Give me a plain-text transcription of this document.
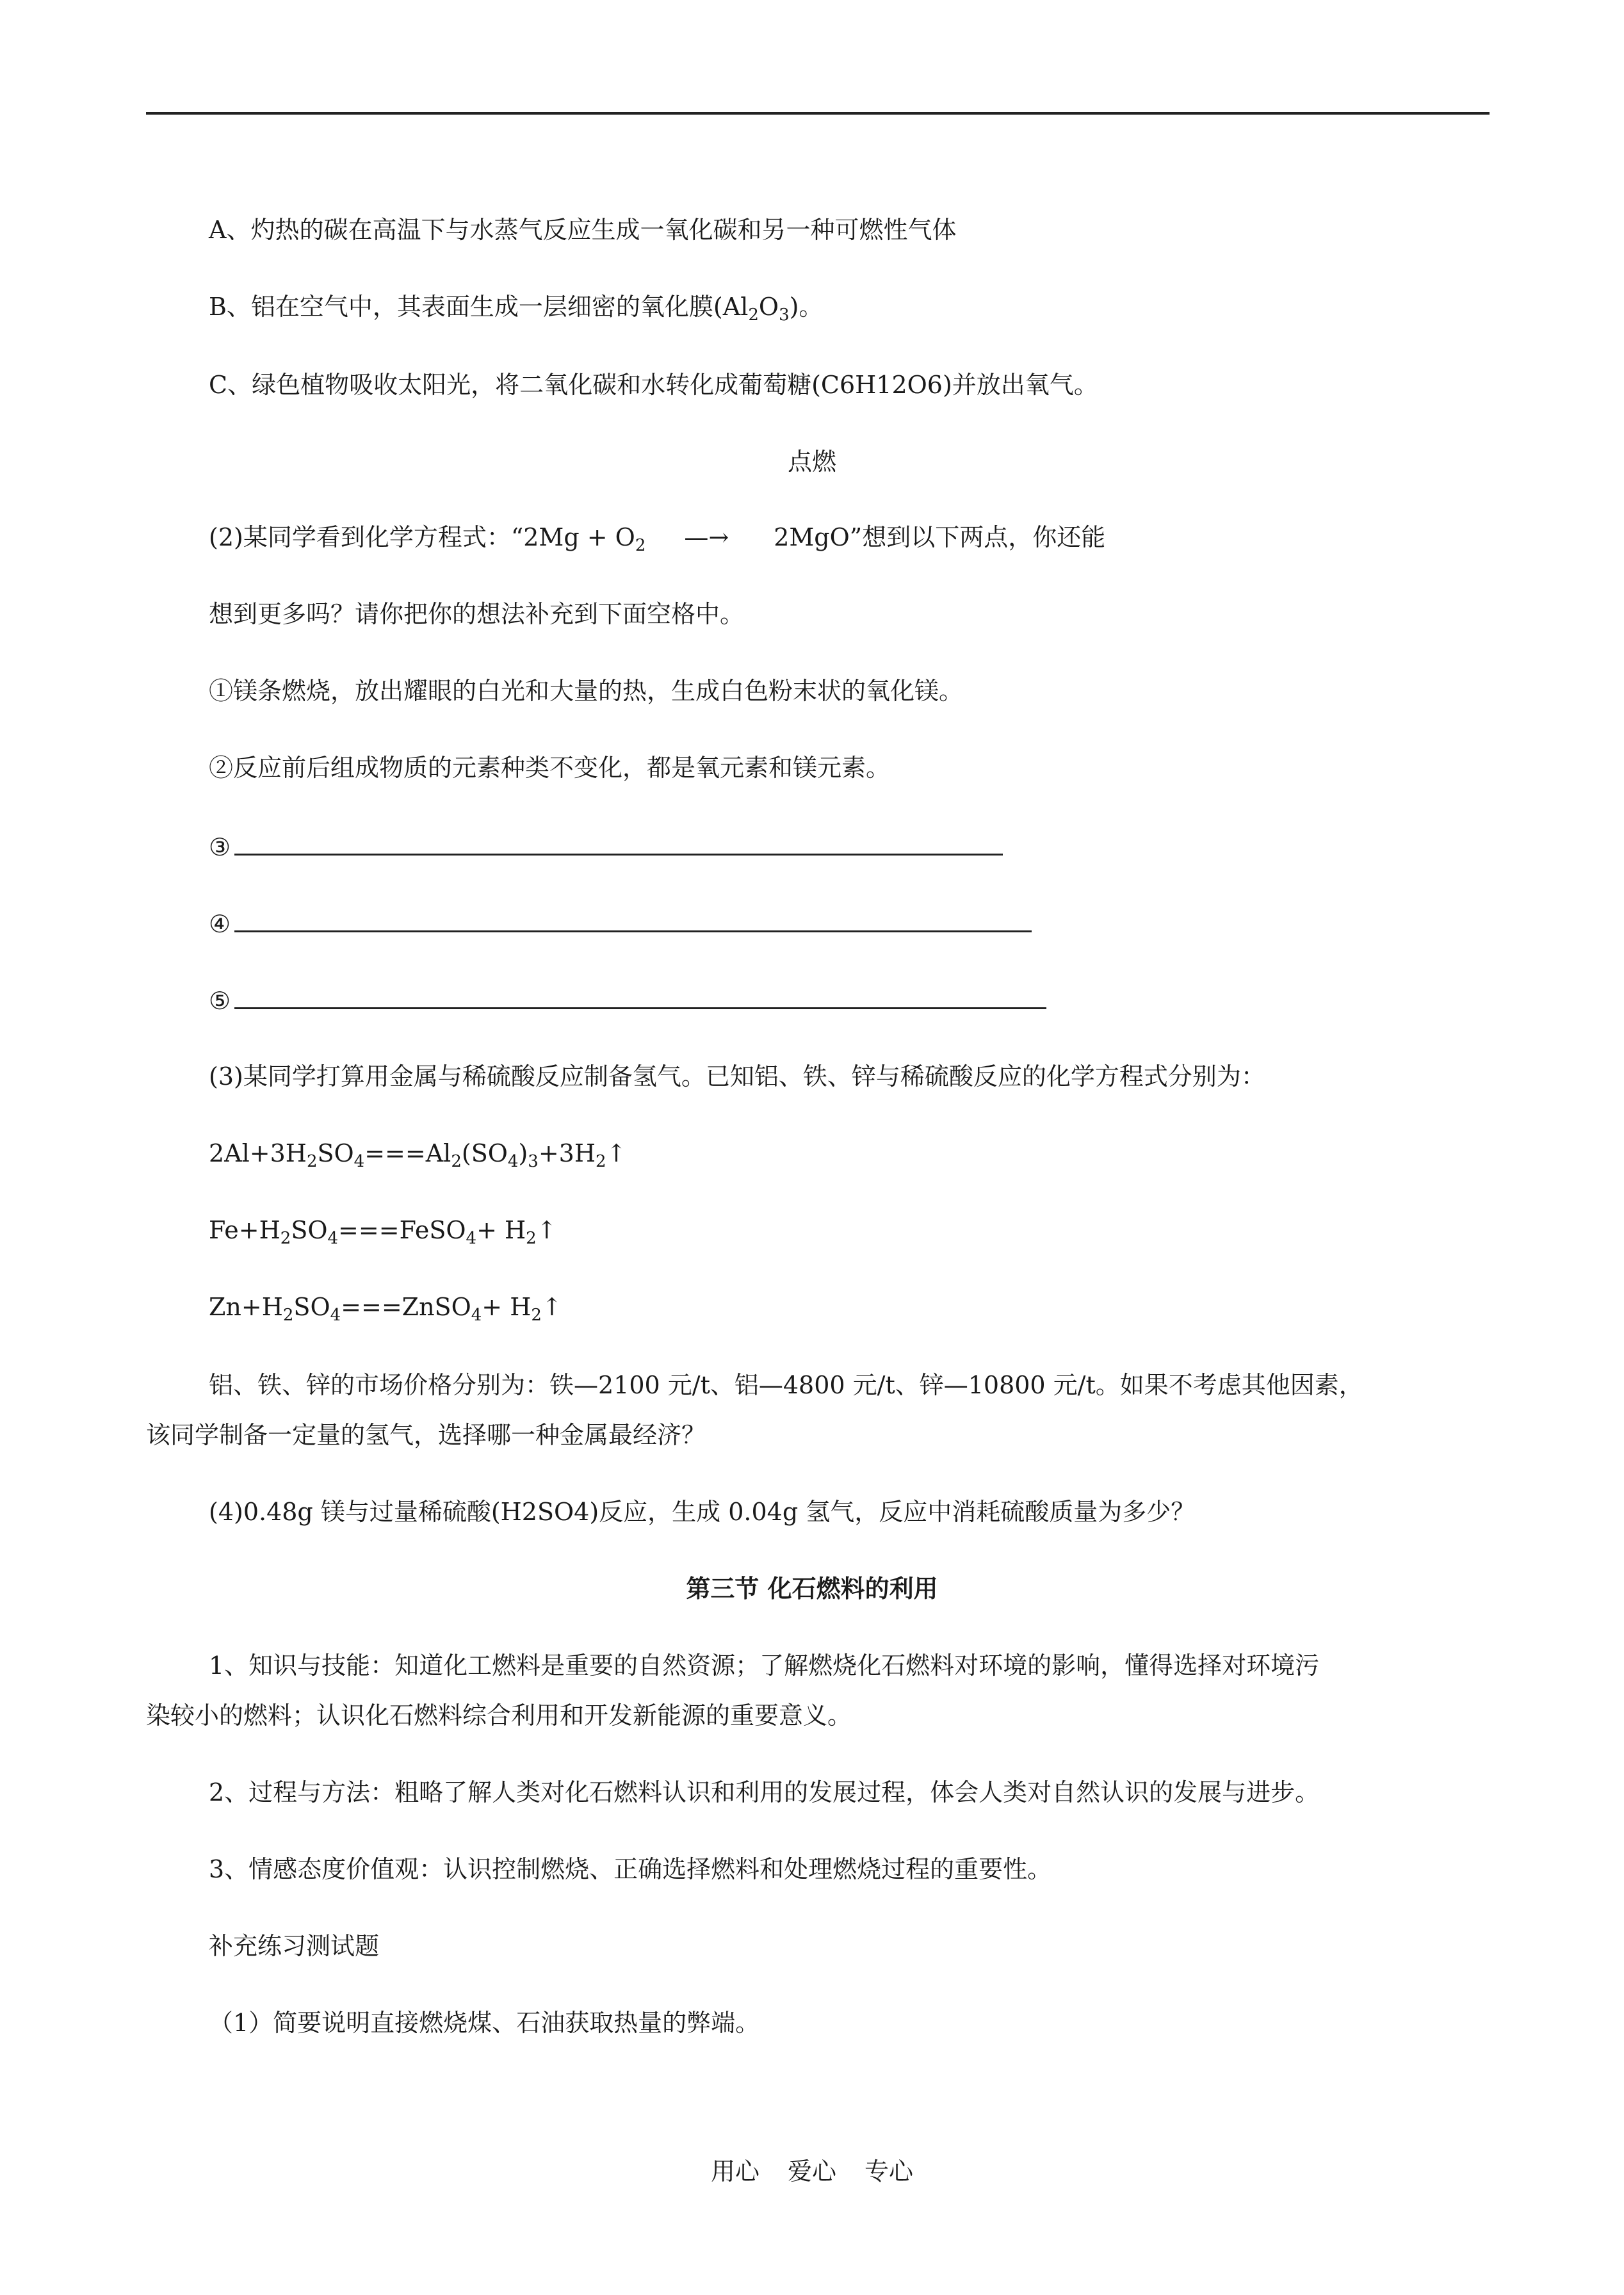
A、灼热的碳在高温下与水蒸气反应生成一氧化碳和另一种可燃性气体
B、铝在空气中，其表面生成一层细密的氧化膜$(Al_2O_3)$。
C、绿色植物吸收太阳光，将二氧化碳和水转化成葡萄糖(C6H12O6)并放出氧气。
点燃
(2)某同学看到化学方程式：“$2Mg + O_2$ —→ 2MgO”想到以下两点，你还能
想到更多吗？请你把你的想法补充到下面空格中。
①镁条燃烧，放出耀眼的白光和大量的热，生成白色粉末状的氧化镁。
②反应前后组成物质的元素种类不变化，都是氧元素和镁元素。
③
④
⑤
(3)某同学打算用金属与稀硫酸反应制备氢气。已知铝、铁、锌与稀硫酸反应的化学方程式分别为：
$2Al+3H_2SO_4===Al_2(SO_4)_3+3H_2↑$
$Fe+H_2SO_4===FeSO_4+$ $H_2↑$
$Zn+H_2SO_4===ZnSO_4+$ $H_2↑$
铝、铁、锌的市场价格分别为：铁—2100 元/t、铝—4800 元/t、锌—10800 元/t。如果不考虑其他因素，
该同学制备一定量的氢气，选择哪一种金属最经济？
(4)0.48g 镁与过量稀硫酸(H2SO4)反应，生成 0.04g 氢气，反应中消耗硫酸质量为多少？
第三节 化石燃料的利用
1、知识与技能：知道化工燃料是重要的自然资源；了解燃烧化石燃料对环境的影响，懂得选择对环境污
染较小的燃料；认识化石燃料综合利用和开发新能源的重要意义。
2、过程与方法：粗略了解人类对化石燃料认识和利用的发展过程，体会人类对自然认识的发展与进步。
3、情感态度价值观：认识控制燃烧、正确选择燃料和处理燃烧过程的重要性。
补充练习测试题
（1）简要说明直接燃烧煤、石油获取热量的弊端。
用心 爱心 专心
